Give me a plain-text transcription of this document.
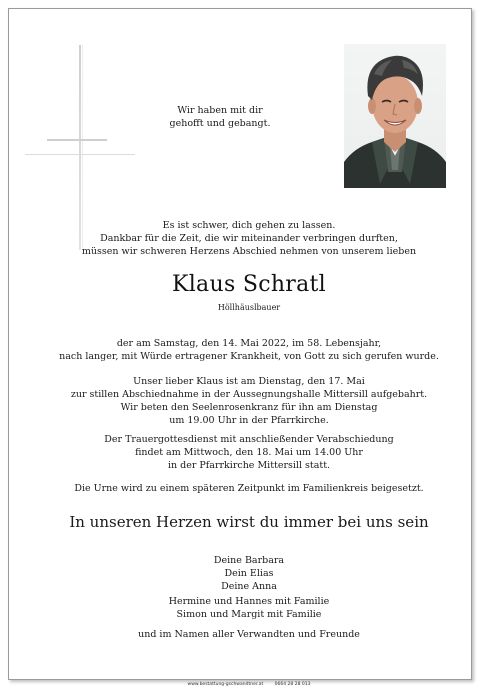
Wir haben mit dir
gehofft und gebangt.
Es ist schwer, dich gehen zu lassen.
Dankbar für die Zeit, die wir miteinander verbringen durften,
müssen wir schweren Herzens Abschied nehmen von unserem lieben
Klaus Schratl
Höllhäuslbauer
der am Samstag, den 14. Mai 2022, im 58. Lebensjahr,
nach langer, mit Würde ertragener Krankheit, von Gott zu sich gerufen wurde.
Unser lieber Klaus ist am Dienstag, den 17. Mai
zur stillen Abschiednahme in der Aussegnungshalle Mittersill aufgebahrt.
Wir beten den Seelenrosenkranz für ihn am Dienstag
um 19.00 Uhr in der Pfarrkirche.
Der Trauergottesdienst mit anschließender Verabschiedung
findet am Mittwoch, den 18. Mai um 14.00 Uhr
in der Pfarrkirche Mittersill statt.
Die Urne wird zu einem späteren Zeitpunkt im Familienkreis beigesetzt.
In unseren Herzen wirst du immer bei uns sein
Deine Barbara
Dein Elias
Deine Anna
Hermine und Hannes mit Familie
Simon und Margit mit Familie
und im Namen aller Verwandten und Freunde
www.bestattung-gschwandtner.at	0664 28 28 013
